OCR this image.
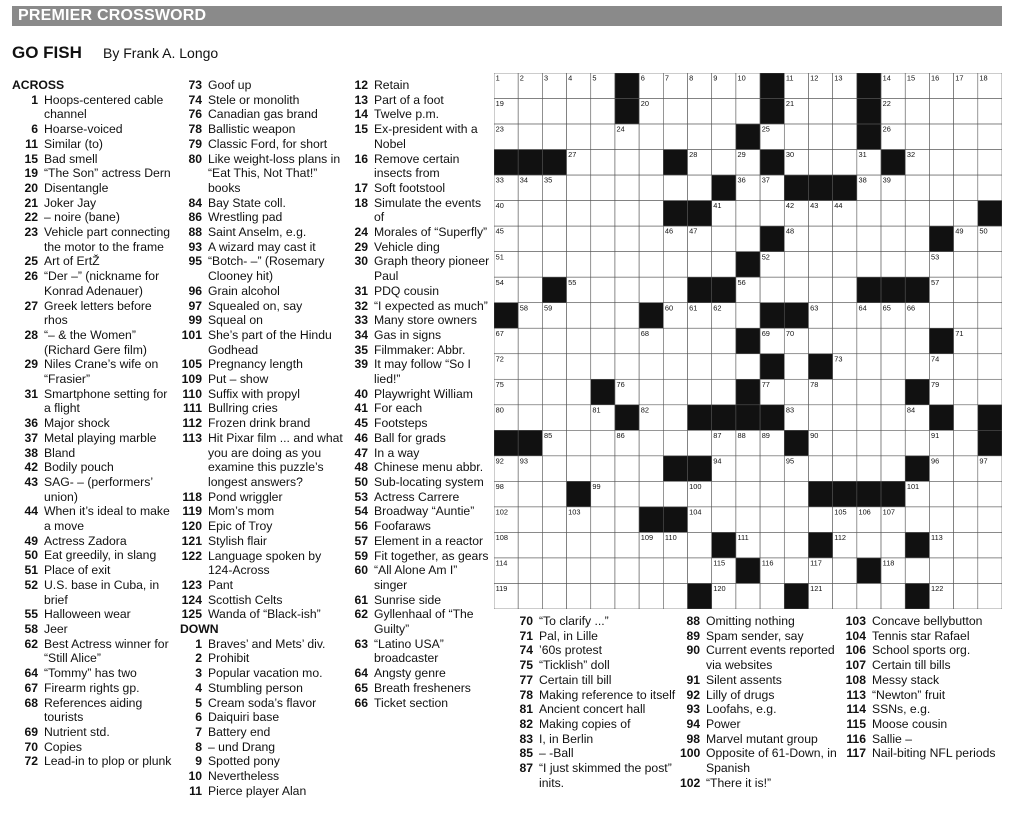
PREMIER CROSSWORD
GO FISH By Frank A. Longo
ACROSS
1 Hoops-centered cable channel
6 Hoarse-voiced
11 Similar (to)
15 Bad smell
19 “The Son” actress Dern
20 Disentangle
21 Joker Jay
22 – noire (bane)
23 Vehicle part connecting the motor to the frame
25 Art of ErtŽ
26 “Der –” (nickname for Konrad Adenauer)
27 Greek letters before rhos
28 “– & the Women” (Richard Gere film)
29 Niles Crane’s wife on “Frasier”
31 Smartphone setting for a flight
36 Major shock
37 Metal playing marble
38 Bland
42 Bodily pouch
43 SAG- – (performers’ union)
44 When it’s ideal to make a move
49 Actress Zadora
50 Eat greedily, in slang
51 Place of exit
52 U.S. base in Cuba, in brief
55 Halloween wear
58 Jeer
62 Best Actress winner for “Still Alice”
64 “Tommy” has two
67 Firearm rights gp.
68 References aiding tourists
69 Nutrient std.
70 Copies
72 Lead-in to plop or plunk
73 Goof up
74 Stele or monolith
76 Canadian gas brand
78 Ballistic weapon
79 Classic Ford, for short
80 Like weight-loss plans in “Eat This, Not That!” books
84 Bay State coll.
86 Wrestling pad
88 Saint Anselm, e.g.
93 A wizard may cast it
95 “Botch- –” (Rosemary Clooney hit)
96 Grain alcohol
97 Squealed on, say
99 Squeal on
101 She’s part of the Hindu Godhead
105 Pregnancy length
109 Put – show
110 Suffix with propyl
111 Bullring cries
112 Frozen drink brand
113 Hit Pixar film ... and what you are doing as you examine this puzzle’s longest answers?
118 Pond wriggler
119 Mom’s mom
120 Epic of Troy
121 Stylish flair
122 Language spoken by 124-Across
123 Pant
124 Scottish Celts
125 Wanda of “Black-ish”
DOWN
1 Braves’ and Mets’ div.
2 Prohibit
3 Popular vacation mo.
4 Stumbling person
5 Cream soda’s flavor
6 Daiquiri base
7 Battery end
8 – und Drang
9 Spotted pony
10 Nevertheless
11 Pierce player Alan
12 Retain
13 Part of a foot
14 Twelve p.m.
15 Ex-president with a Nobel
16 Remove certain insects from
17 Soft footstool
18 Simulate the events of
24 Morales of “Superfly”
29 Vehicle ding
30 Graph theory pioneer Paul
31 PDQ cousin
32 “I expected as much”
33 Many store owners
34 Gas in signs
35 Filmmaker: Abbr.
39 It may follow “So I lied!”
40 Playwright William
41 For each
45 Footsteps
46 Ball for grads
47 In a way
48 Chinese menu abbr.
50 Sub-locating system
53 Actress Carrere
54 Broadway “Auntie”
56 Foofaraws
57 Element in a reactor
59 Fit together, as gears
60 “All Alone Am I” singer
61 Sunrise side
62 Gyllenhaal of “The Guilty”
63 “Latino USA” broadcaster
64 Angsty genre
65 Breath fresheners
66 Ticket section
70 “To clarify ...”
71 Pal, in Lille
74 ’60s protest
75 “Ticklish” doll
77 Certain till bill
78 Making reference to itself
81 Ancient concert hall
82 Making copies of
83 I, in Berlin
85 – -Ball
87 “I just skimmed the post” inits.
88 Omitting nothing
89 Spam sender, say
90 Current events reported via websites
91 Silent assents
92 Lilly of drugs
93 Loofahs, e.g.
94 Power
98 Marvel mutant group
100 Opposite of 61-Down, in Spanish
102 “There it is!”
103 Concave bellybutton
104 Tennis star Rafael
106 School sports org.
107 Certain till bills
108 Messy stack
113 “Newton” fruit
114 SSNs, e.g.
115 Moose cousin
116 Sallie –
117 Nail-biting NFL periods
1	2	3	4	5	6	7	8	9	10	11 12 13	14 15 16 17 18
19	20	21	22
23	24	25	26
27	28	29	30	31	32
33 34 35	36 37	38 39
40	41	42 43 44
45	46 47	48	49 50
51	52	53
54	55	56	57
58 59	60 61 62	63	64 65 66
67	68	69 70	71
72	73	74
75	76	77	78	79
80	81	82	83	84
85	86	87 88 89	90	91
92 93	94	95	96	97
98	99	100	101
102	103	104	105 106 107
108	109 110	111	112	113
114	115	116	117	118
119	120	121	122
